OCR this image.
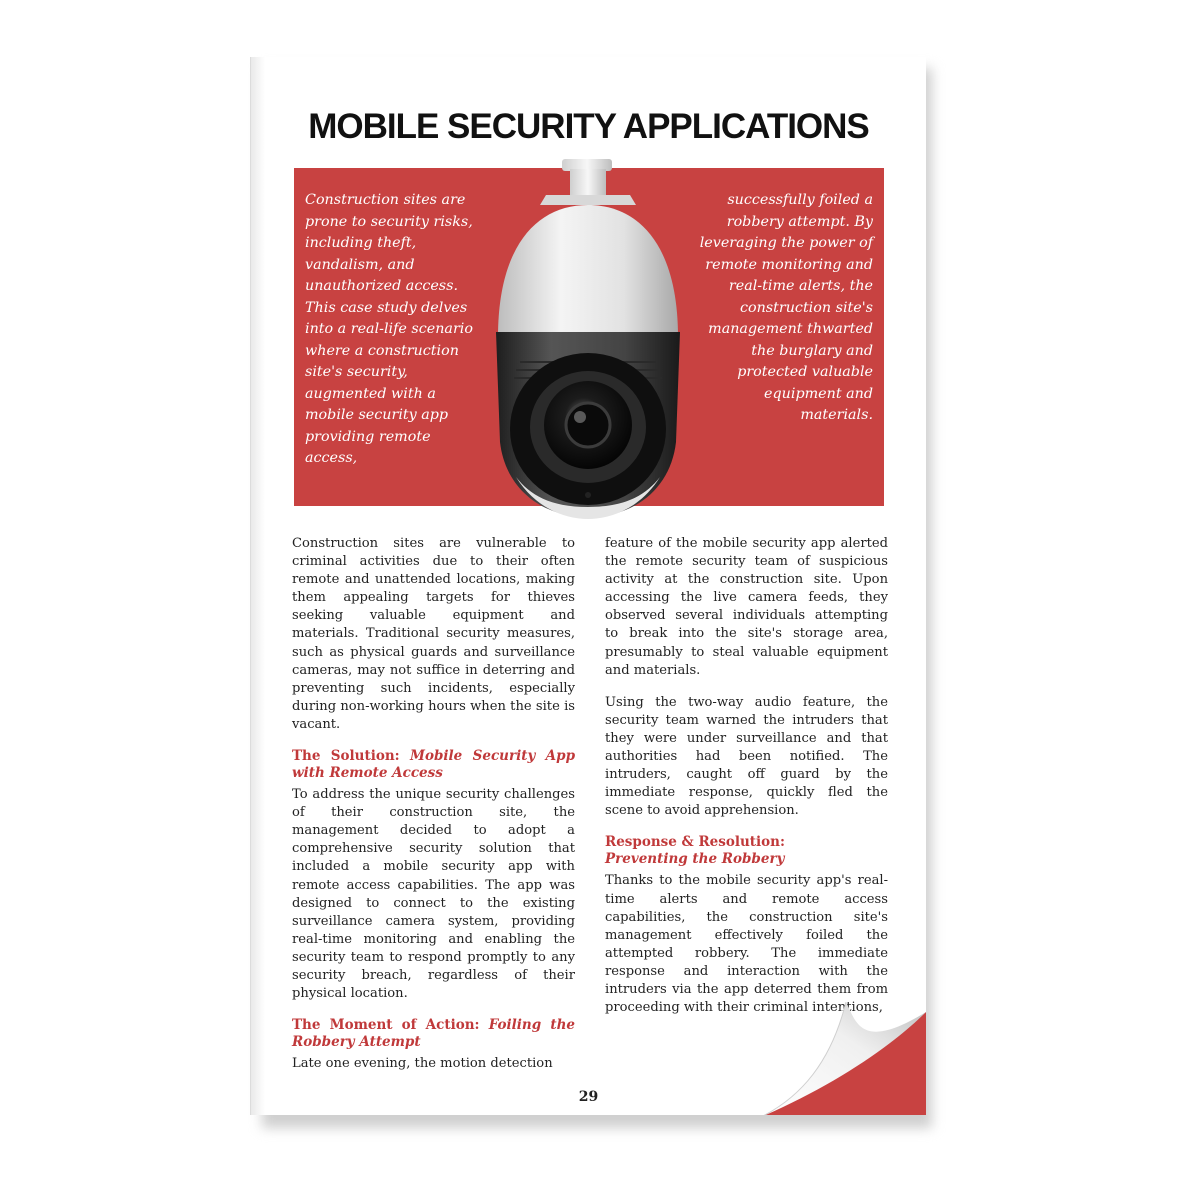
MOBILE SECURITY APPLICATIONS

Construction sites are prone to security risks, including theft, vandalism, and unauthorized access. This case study delves into a real-life scenario where a construction site's security, augmented with a mobile security app providing remote access,

successfully foiled a robbery attempt. By leveraging the power of remote monitoring and real-time alerts, the construction site's management thwarted the burglary and protected valuable equipment and materials.

Construction sites are vulnerable to criminal activities due to their often remote and unattended locations, making them appealing targets for thieves seeking valuable equipment and materials. Traditional security measures, such as physical guards and surveillance cameras, may not suffice in deterring and preventing such incidents, especially during non-working hours when the site is vacant.

The Solution: Mobile Security App with Remote Access

To address the unique security challenges of their construction site, the management decided to adopt a comprehensive security solution that included a mobile security app with remote access capabilities. The app was designed to connect to the existing surveillance camera system, providing real-time monitoring and enabling the security team to respond promptly to any security breach, regardless of their physical location.

The Moment of Action: Foiling the Robbery Attempt

Late one evening, the motion detection

feature of the mobile security app alerted the remote security team of suspicious activity at the construction site. Upon accessing the live camera feeds, they observed several individuals attempting to break into the site's storage area, presumably to steal valuable equipment and materials.

Using the two-way audio feature, the security team warned the intruders that they were under surveillance and that authorities had been notified. The intruders, caught off guard by the immediate response, quickly fled the scene to avoid apprehension.

Response & Resolution:
Preventing the Robbery

Thanks to the mobile security app's real-time alerts and remote access capabilities, the construction site's management effectively foiled the attempted robbery. The immediate response and interaction with the intruders via the app deterred them from proceeding with their criminal intentions,

29
